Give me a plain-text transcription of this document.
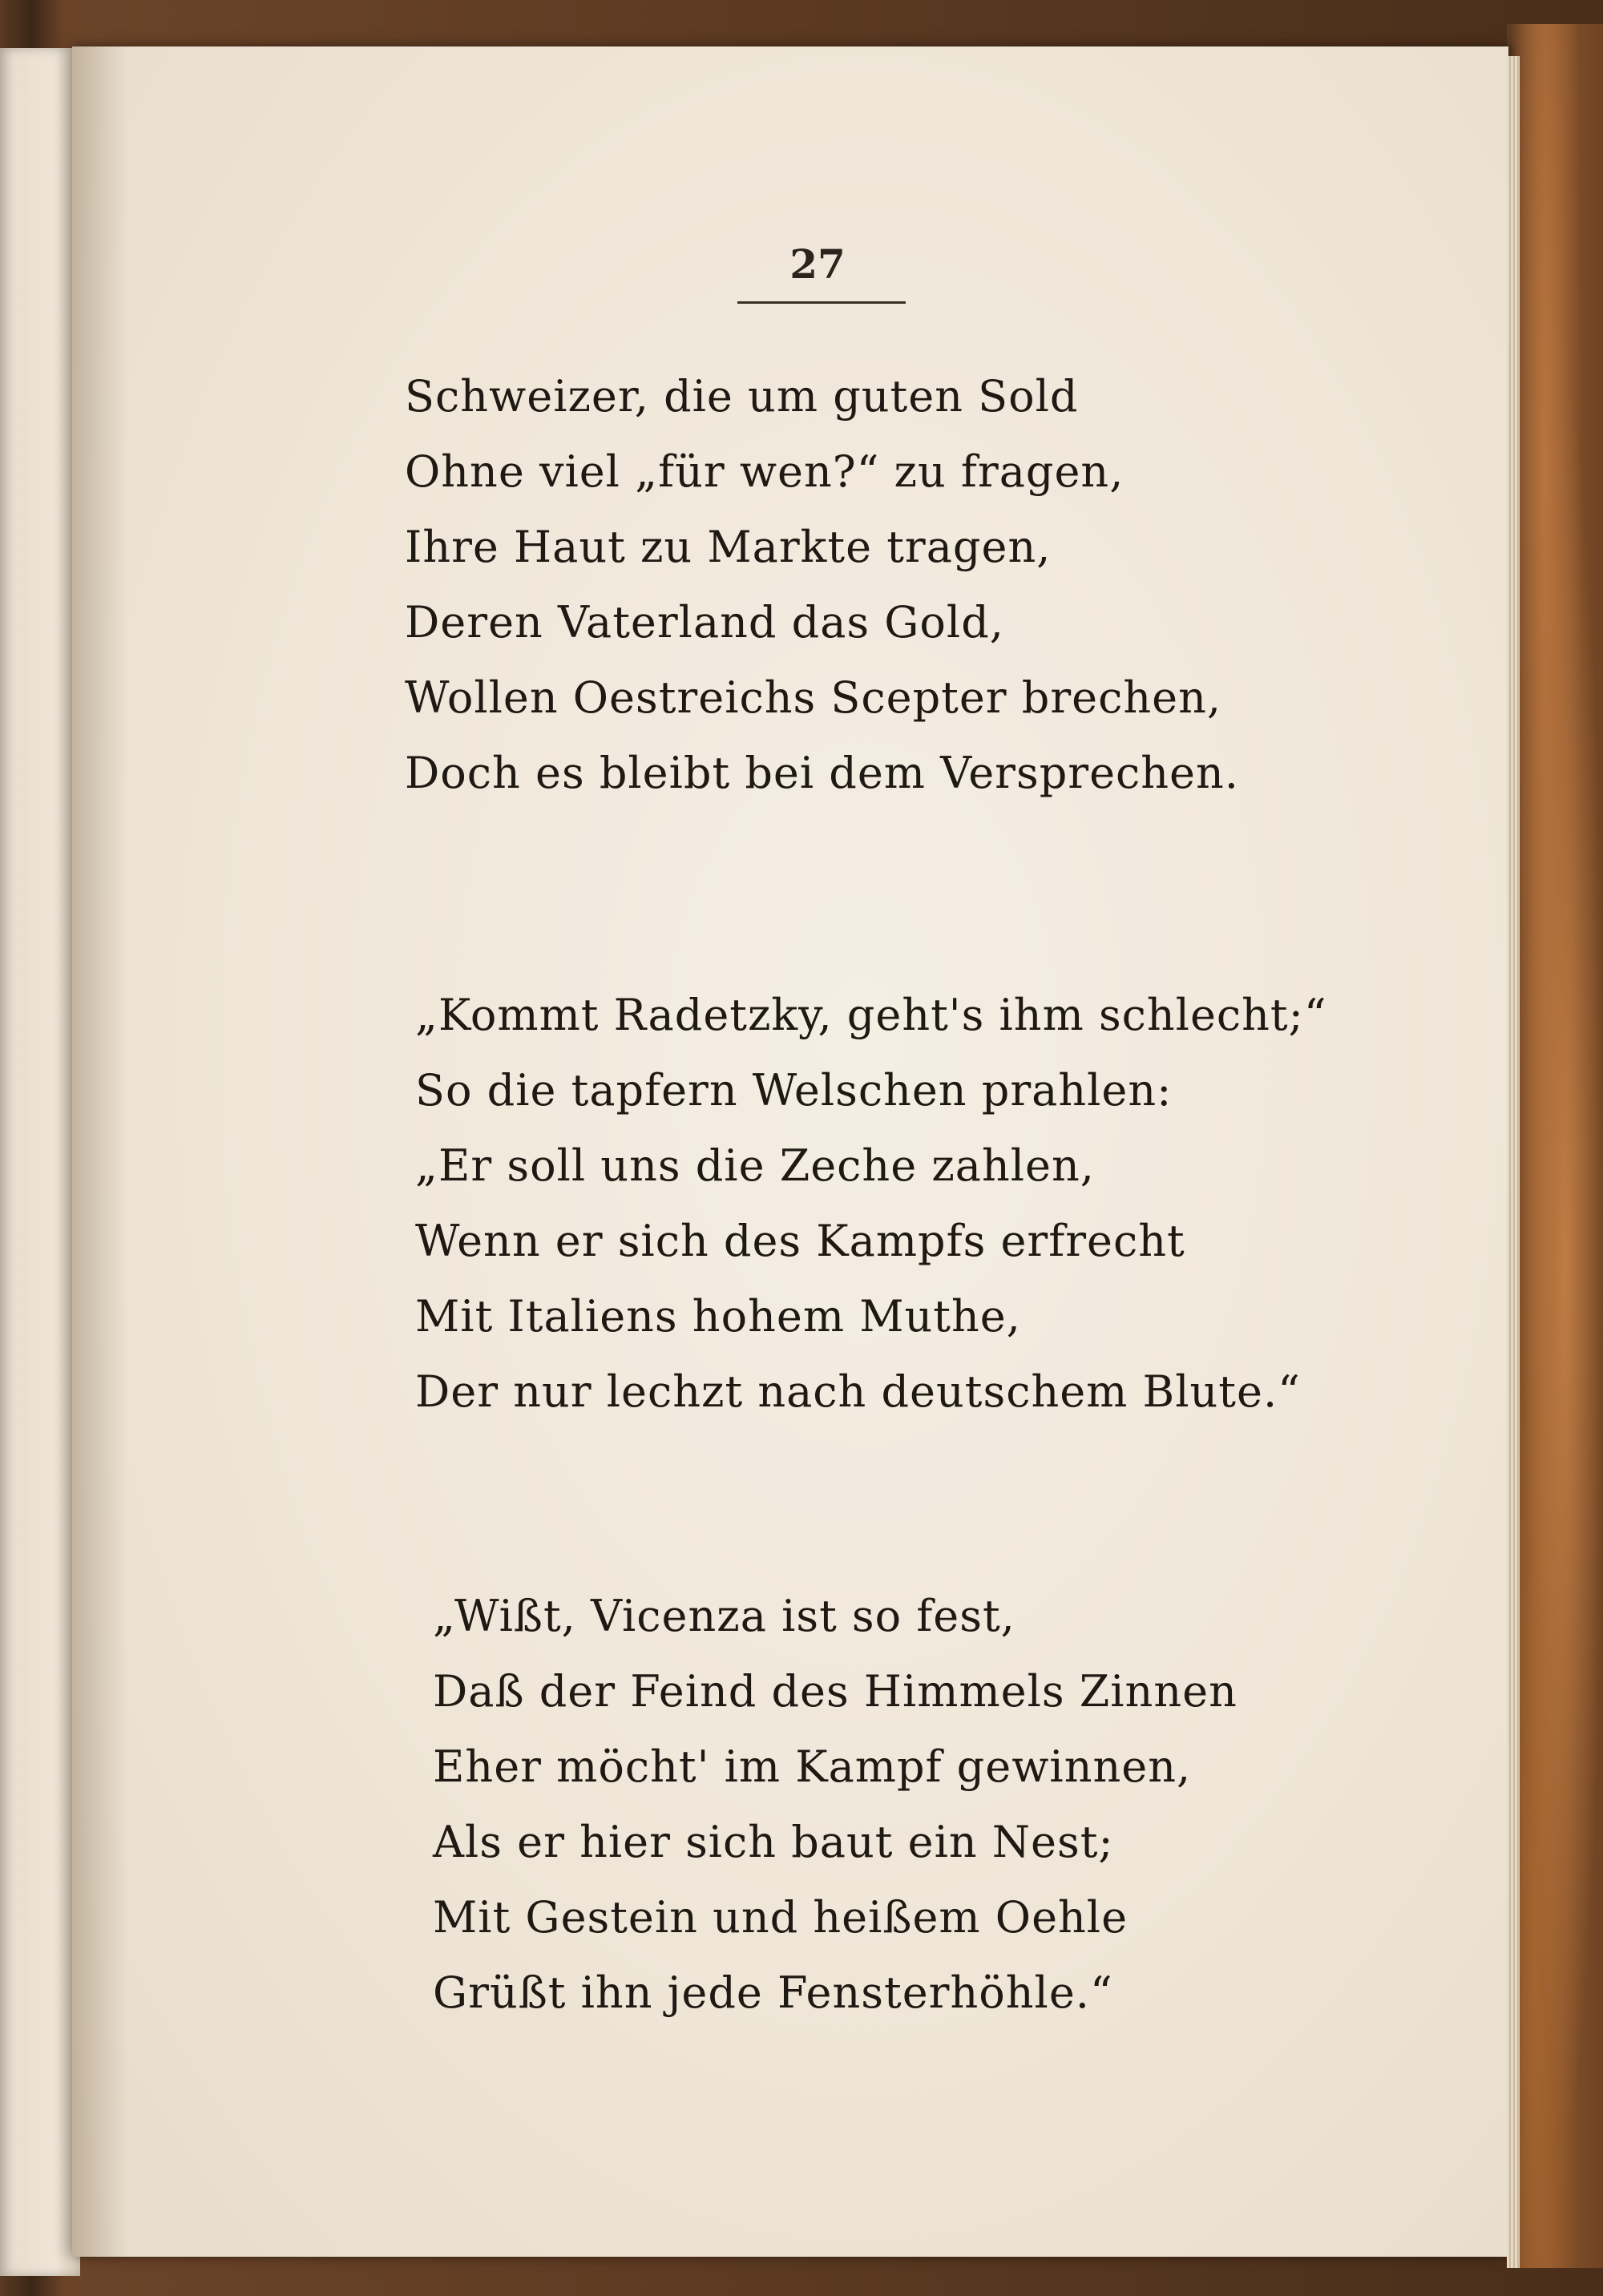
27
Schweizer, die um guten Sold
Ohne viel „für wen?“ zu fragen,
Ihre Haut zu Markte tragen,
Deren Vaterland das Gold,
Wollen Oestreichs Scepter brechen,
Doch es bleibt bei dem Versprechen.
„Kommt Radetzky, geht's ihm schlecht;“
So die tapfern Welschen prahlen:
„Er soll uns die Zeche zahlen,
Wenn er sich des Kampfs erfrecht
Mit Italiens hohem Muthe,
Der nur lechzt nach deutschem Blute.“
„Wißt, Vicenza ist so fest,
Daß der Feind des Himmels Zinnen
Eher möcht' im Kampf gewinnen,
Als er hier sich baut ein Nest;
Mit Gestein und heißem Oehle
Grüßt ihn jede Fensterhöhle.“
